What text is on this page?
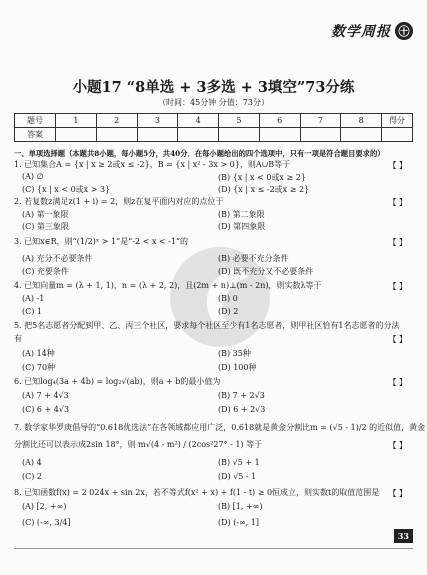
数学周报 ㊉
小题17 “8单选 + 3多选 + 3填空”73分练
（时间：45分钟 分值：73分）
题号	1	2	3	4	5	6	7	8	得分
答案									
一、单项选择题（本题共8小题，每小题5分，共40分．在每小题给出的四个选项中，只有一项是符合题目要求的）
1. 已知集合A = {x | x ≥ 2或x ≤ -2}，B = {x | x² - 3x > 0}，则A∪B等于	【 】
(A) ∅	(B) {x | x < 0或x ≥ 2}
(C) {x | x < 0或x > 3}	(D) {x | x ≤ -2或x ≥ 2}
2. 若复数z满足z(1 + i) = 2，则z在复平面内对应的点位于	【 】
(A) 第一象限	(B) 第二象限
(C) 第三象限	(D) 第四象限
3. 已知x∈R，则“(1/2)ˣ > 1”是“-2 < x < -1”的	【 】
(A) 充分不必要条件	(B) 必要不充分条件
(C) 充要条件	(D) 既不充分又不必要条件
4. 已知向量m = (λ + 1, 1)，n = (λ + 2, 2)，且(2m + n)⊥(m - 2n)，则实数λ等于	【 】
(A) -1	(B) 0
(C) 1	(D) 2
5. 把5名志愿者分配到甲、乙、丙三个社区，要求每个社区至少有1名志愿者，则甲社区恰有1名志愿者的分法
有	【 】
(A) 14种	(B) 35种
(C) 70种	(D) 100种
6. 已知log₄(3a + 4b) = log₂√(ab)，则a + b的最小值为	【 】
(A) 7 + 4√3	(B) 7 + 2√3
(C) 6 + 4√3	(D) 6 + 2√3
7. 数学家华罗庚倡导的“0.618优选法”在各领域都应用广泛，0.618就是黄金分割比m = (√5 - 1)/2 的近似值，黄金
分割比还可以表示成2sin 18°，则 m√(4 - m²) / (2cos²27° - 1) 等于	【 】
(A) 4	(B) √5 + 1
(C) 2	(D) √5 - 1
8. 已知函数f(x) = 2 024x + sin 2x，若不等式f(x² + x) + f(1 - t) ≥ 0恒成立，则实数t的取值范围是	【 】
(A) [2, +∞)	(B) [1, +∞)
(C) (-∞, 3/4]	(D) (-∞, 1]
33
